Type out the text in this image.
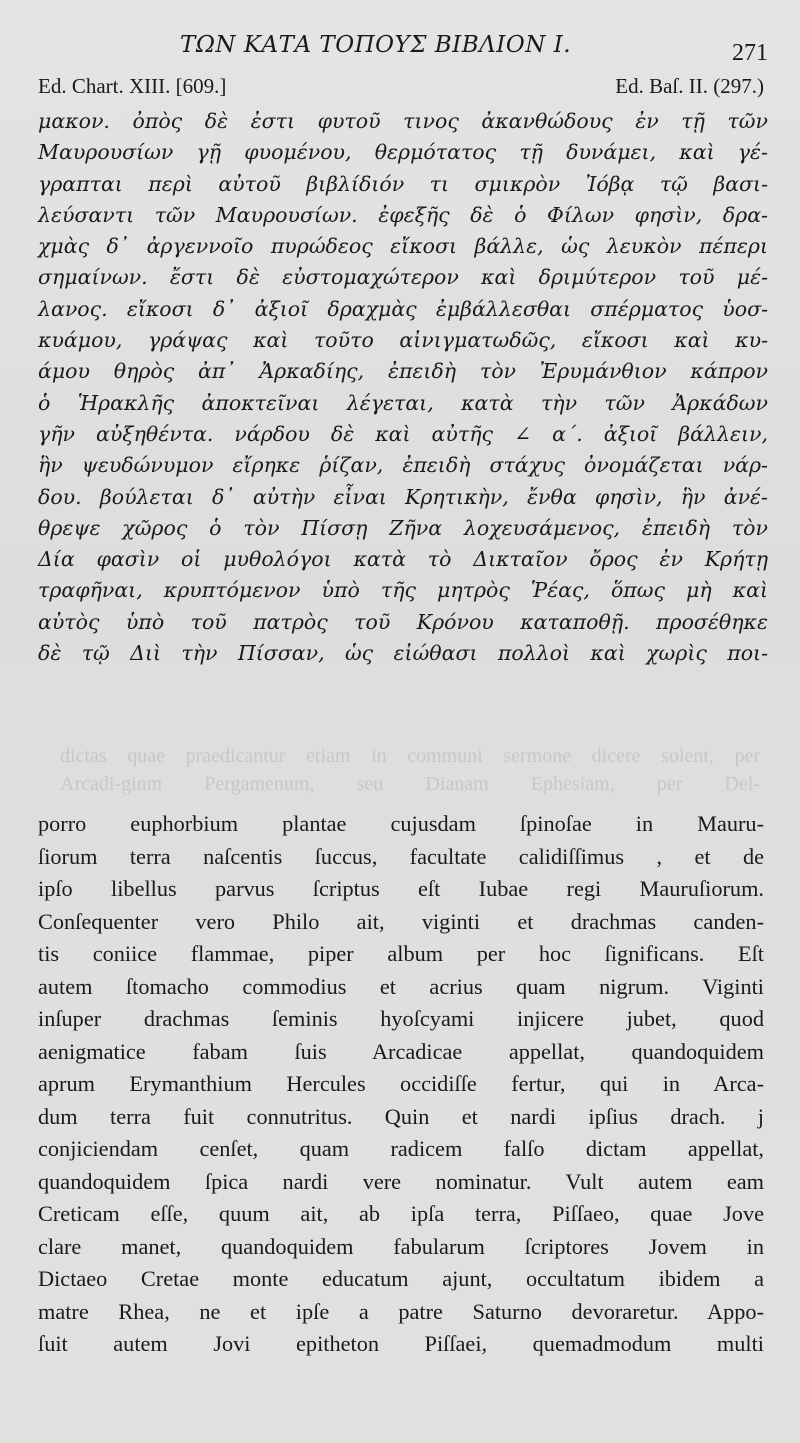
ΤΩΝ ΚΑΤΑ ΤΟΠΟΥΣ ΒΙΒΛΙΟΝ Ι.	271
Ed. Chart. XIII. [609.]	Ed. Baſ. II. (297.)
μακον. ὀπὸς δὲ ἐστι φυτοῦ τινος ἀκανθώδους ἐν τῇ τῶν
Μαυρουσίων γῇ φυομένου, θερμότατος τῇ δυνάμει, καὶ γέ-
γραπται περὶ αὐτοῦ βιβλίδιόν τι σμικρὸν Ἰόβᾳ τῷ βασι-
λεύσαντι τῶν Μαυρουσίων. ἐφεξῆς δὲ ὁ Φίλων φησὶν, δρα-
χμὰς δ᾽ ἀργεννοῖο πυρώδεος εἴκοσι βάλλε, ὡς λευκὸν πέπερι
σημαίνων. ἔστι δὲ εὐστομαχώτερον καὶ δριμύτερον τοῦ μέ-
λανος. εἴκοσι δ᾽ ἀξιοῖ δραχμὰς ἐμβάλλεσθαι σπέρματος ὑοσ-
κυάμου, γράψας καὶ τοῦτο αἰνιγματωδῶς, εἴκοσι καὶ κυ-
άμου θηρὸς ἀπ᾽ Ἀρκαδίης, ἐπειδὴ τὸν Ἐρυμάνθιον κάπρον
ὁ Ἡρακλῆς ἀποκτεῖναι λέγεται, κατὰ τὴν τῶν Ἀρκάδων
γῆν αὐξηθέντα. νάρδου δὲ καὶ αὐτῆς ∠ α΄. ἀξιοῖ βάλλειν,
ἣν ψευδώνυμον εἴρηκε ῥίζαν, ἐπειδὴ στάχυς ὀνομάζεται νάρ-
δου. βούλεται δ᾽ αὐτὴν εἶναι Κρητικὴν, ἔνθα φησὶν, ἣν ἀνέ-
θρεψε χῶρος ὁ τὸν Πίσσῃ Ζῆνα λοχευσάμενος, ἐπειδὴ τὸν
Δία φασὶν οἱ μυθολόγοι κατὰ τὸ Δικταῖον ὄρος ἐν Κρήτῃ
τραφῆναι, κρυπτόμενον ὑπὸ τῆς μητρὸς Ῥέας, ὅπως μὴ καὶ
αὐτὸς ὑπὸ τοῦ πατρὸς τοῦ Κρόνου καταποθῇ. προσέθηκε
δὲ τῷ Διὶ τὴν Πίσσαν, ὡς εἰώθασι πολλοὶ καὶ χωρὶς ποι-
dictas quae praedicantur etiam in communi sermone dicere solent, per
Arcadi-ginm Pergamenum, seu Dianam Ephesiam, per Del-
porro euphorbium plantae cujusdam ſpinoſae in Mauru-
ſiorum terra naſcentis ſuccus, facultate calidiſſimus , et de
ipſo libellus parvus ſcriptus eſt Iubae regi Mauruſiorum.
Conſequenter vero Philo ait, viginti et drachmas canden-
tis coniice flammae, piper album per hoc ſignificans. Eſt
autem ſtomacho commodius et acrius quam nigrum. Viginti
inſuper drachmas ſeminis hyoſcyami injicere jubet, quod
aenigmatice fabam ſuis Arcadicae appellat, quandoquidem
aprum Erymanthium Hercules occidiſſe fertur, qui in Arca-
dum terra fuit connutritus. Quin et nardi ipſius drach. j
conjiciendam cenſet, quam radicem falſo dictam appellat,
quandoquidem ſpica nardi vere nominatur. Vult autem eam
Creticam eſſe, quum ait, ab ipſa terra, Piſſaeo, quae Jove
clare manet, quandoquidem fabularum ſcriptores Jovem in
Dictaeo Cretae monte educatum ajunt, occultatum ibidem a
matre Rhea, ne et ipſe a patre Saturno devoraretur. Appo-
ſuit autem Jovi epitheton Piſſaei, quemadmodum multi
